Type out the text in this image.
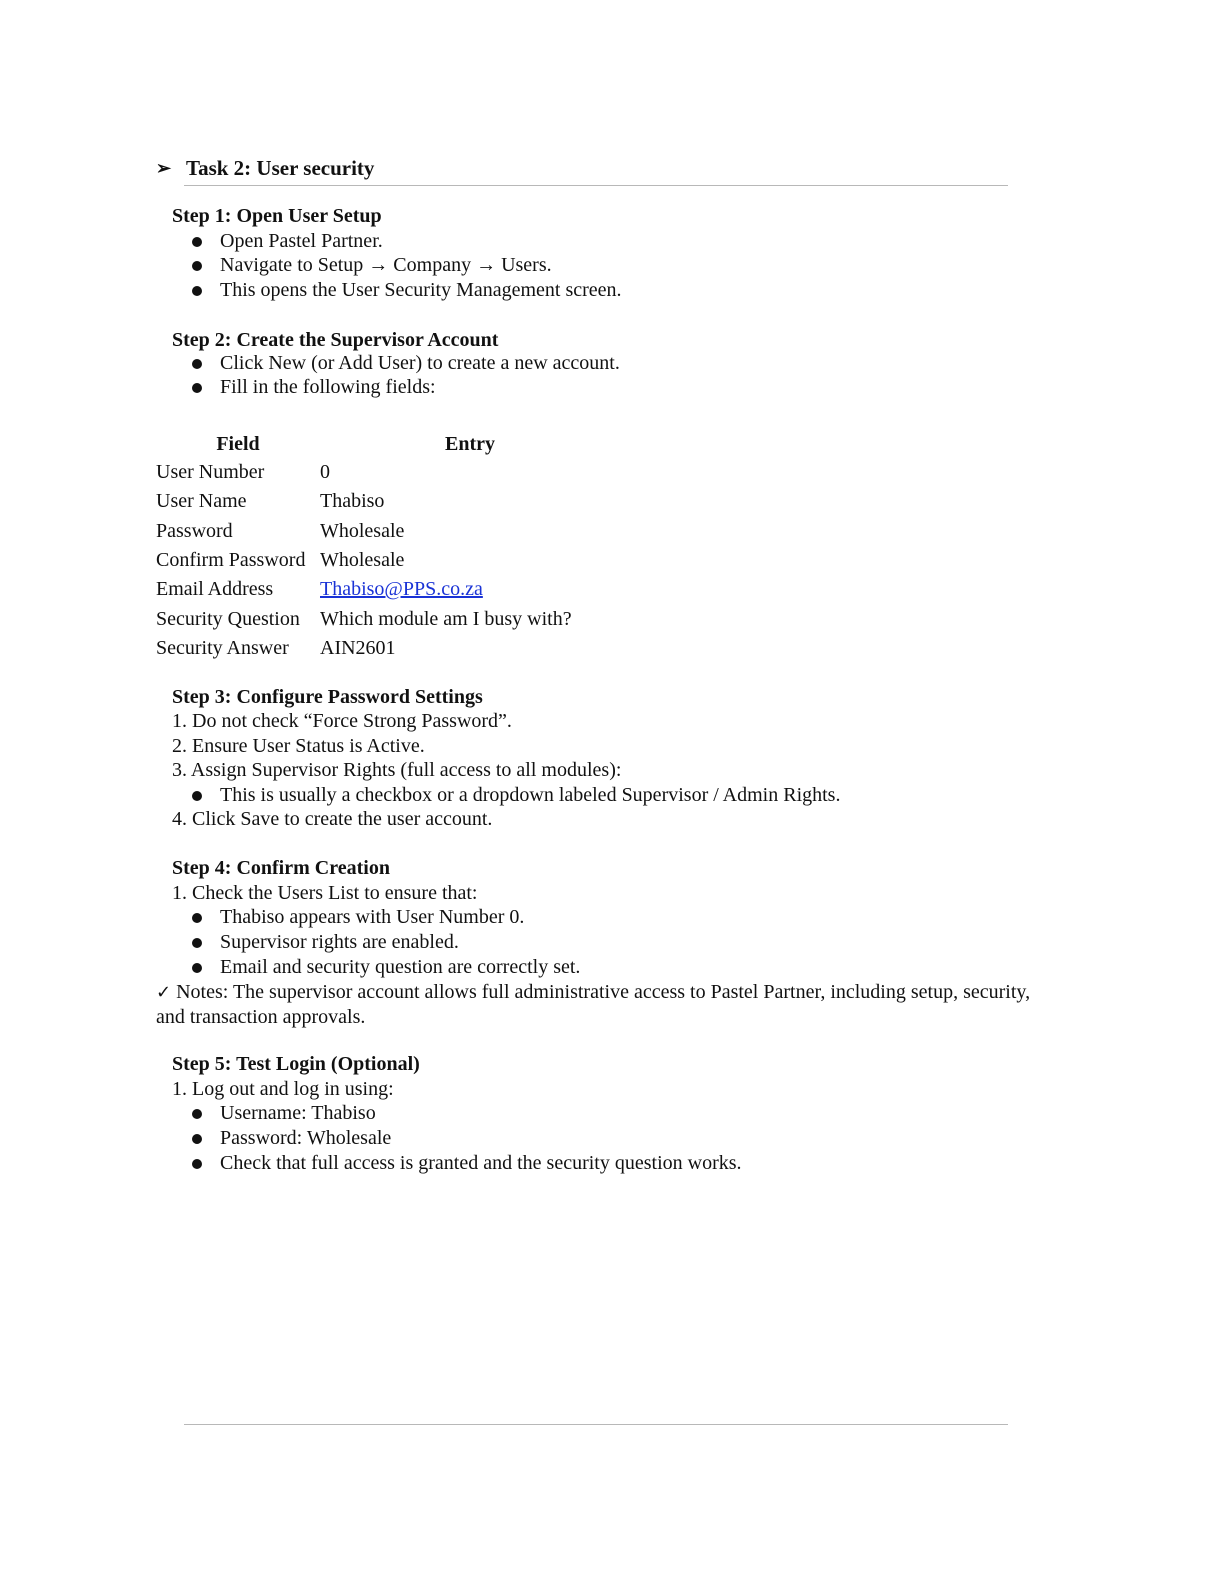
➢ Task 2: User security
Step 1: Open User Setup
Open Pastel Partner.
Navigate to Setup → Company → Users.
This opens the User Security Management screen.
Step 2: Create the Supervisor Account
Click New (or Add User) to create a new account.
Fill in the following fields:
Field	Entry
User Number	0
User Name	Thabiso
Password	Wholesale
Confirm Password	Wholesale
Email Address	Thabiso@PPS.co.za
Security Question	Which module am I busy with?
Security Answer	AIN2601
Step 3: Configure Password Settings
1. Do not check “Force Strong Password”.
2. Ensure User Status is Active.
3. Assign Supervisor Rights (full access to all modules):
This is usually a checkbox or a dropdown labeled Supervisor / Admin Rights.
4. Click Save to create the user account.
Step 4: Confirm Creation
1. Check the Users List to ensure that:
Thabiso appears with User Number 0.
Supervisor rights are enabled.
Email and security question are correctly set.
✓ Notes: The supervisor account allows full administrative access to Pastel Partner, including setup, security, and transaction approvals.
Step 5: Test Login (Optional)
1. Log out and log in using:
Username: Thabiso
Password: Wholesale
Check that full access is granted and the security question works.
